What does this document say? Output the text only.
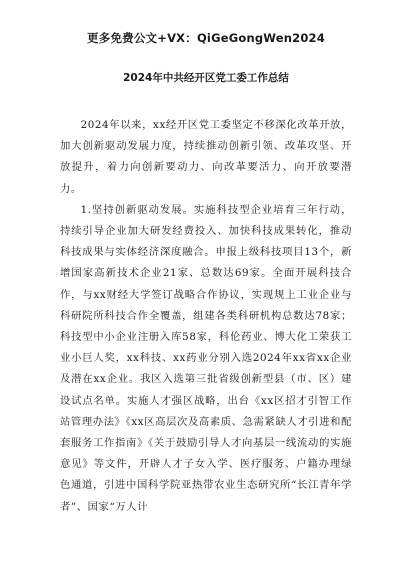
更多免费公文+VX：QiGeGongWen2024
2024年中共经开区党工委工作总结

2024年以来，xx经开区党工委坚定不移深化改革开放，加大创新驱动发展力度，持续推动创新引领、改革攻坚、开放提升，着力向创新要动力、向改革要活力、向开放要潜力。

1.坚持创新驱动发展。实施科技型企业培育三年行动，持续引导企业加大研发经费投入、加快科技成果转化，推动科技成果与实体经济深度融合。申报上级科技项目13个，新增国家高新技术企业21家、总数达69家。全面开展科技合作，与xx财经大学签订战略合作协议，实现规上工业企业与科研院所科技合作全覆盖，组建各类科研机构总数达78家；科技型中小企业注册入库58家，科伦药业、博大化工荣获工业小巨人奖，xx科技、xx药业分别入选2024年xx省xx企业及潜在xx企业。我区入选第三批省级创新型县（市、区）建设试点名单。实施人才强区战略，出台《xx区招才引智工作站管理办法》《xx区高层次及高素质、急需紧缺人才引进和配套服务工作指南》《关于鼓励引导人才向基层一线流动的实施意见》等文件，开辟人才子女入学、医疗服务、户籍办理绿色通道，引进中国科学院亚热带农业生态研究所“长江青年学者”、国家“万人计
